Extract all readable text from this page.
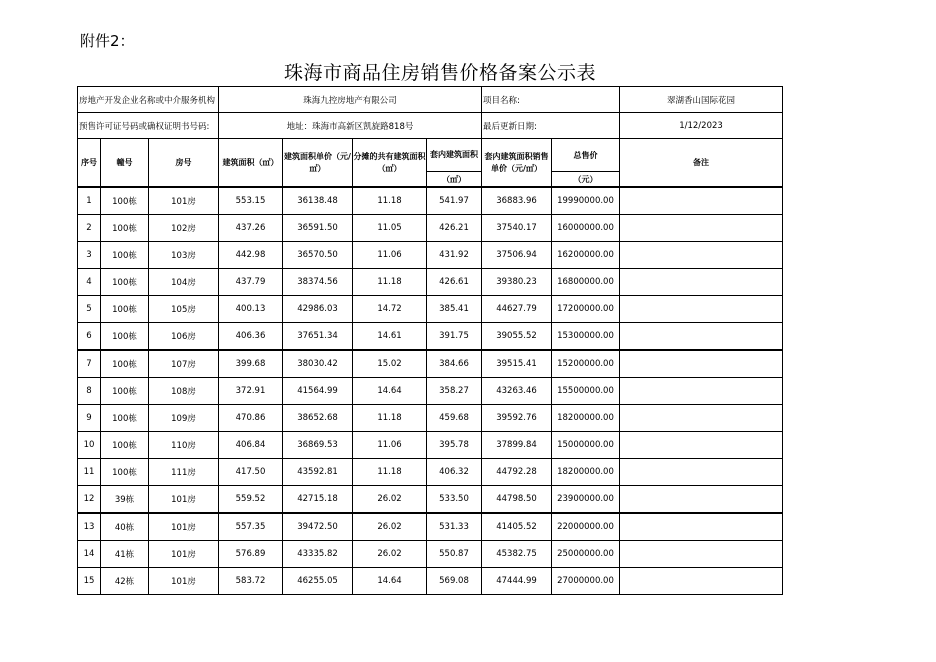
附件2：
珠海市商品住房销售价格备案公示表
房地产开发企业名称或中介服务机构			珠海九控房地产有限公司				项目名称:		翠湖香山国际花园
预售许可证号码或确权证明书号码:			地址：珠海市高新区凯旋路818号				最后更新日期:		1/12/2023
序号	幢号	房号	建筑面积（㎡）	建筑面积单价（元/㎡）	分摊的共有建筑面积（㎡）	套内建筑面积	套内建筑面积销售单价（元/㎡）	总售价	备注
						（㎡）		（元）	
1	100栋	101房	553.15	36138.48	11.18	541.97	36883.96	19990000.00	
2	100栋	102房	437.26	36591.50	11.05	426.21	37540.17	16000000.00	
3	100栋	103房	442.98	36570.50	11.06	431.92	37506.94	16200000.00	
4	100栋	104房	437.79	38374.56	11.18	426.61	39380.23	16800000.00	
5	100栋	105房	400.13	42986.03	14.72	385.41	44627.79	17200000.00	
6	100栋	106房	406.36	37651.34	14.61	391.75	39055.52	15300000.00	
7	100栋	107房	399.68	38030.42	15.02	384.66	39515.41	15200000.00	
8	100栋	108房	372.91	41564.99	14.64	358.27	43263.46	15500000.00	
9	100栋	109房	470.86	38652.68	11.18	459.68	39592.76	18200000.00	
10	100栋	110房	406.84	36869.53	11.06	395.78	37899.84	15000000.00	
11	100栋	111房	417.50	43592.81	11.18	406.32	44792.28	18200000.00	
12	39栋	101房	559.52	42715.18	26.02	533.50	44798.50	23900000.00	
13	40栋	101房	557.35	39472.50	26.02	531.33	41405.52	22000000.00	
14	41栋	101房	576.89	43335.82	26.02	550.87	45382.75	25000000.00	
15	42栋	101房	583.72	46255.05	14.64	569.08	47444.99	27000000.00	
